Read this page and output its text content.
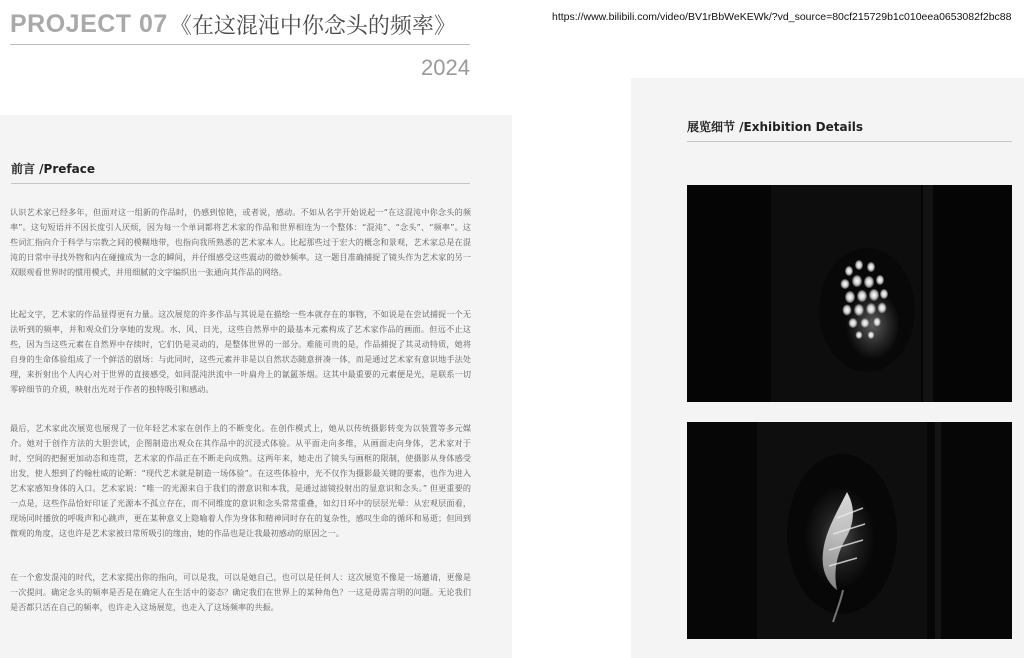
PROJECT 07《在这混沌中你念头的频率》
2024
https://www.bilibili.com/video/BV1rBbWeKEWk/?vd_source=80cf215729b1c010eea0653082f2bc88
前言 /Preface
认识艺术家已经多年，但面对这一组新的作品时，仍感到惊艳，或者说，感动。不如从名字开始说起一“在这混沌中你念头的频率”。这句短语并不因长度引人厌烦，因为每一个单词都将艺术家的作品和世界相连为一个整体：“混沌”、“念头”、“频率”。这些词汇指向介于科学与宗教之间的模糊地带，也指向我所熟悉的艺术家本人。比起那些过于宏大的概念和景观，艺术家总是在混沌的日常中寻找外物和内在碰撞成为一念的瞬间，并仔细感受这些震动的微妙频率。这一题目准确捕捉了镜头作为艺术家的另一双眼观看世界时的惯用模式，并用细腻的文字编织出一张通向其作品的网络。
比起文字，艺术家的作品显得更有力量。这次展览的许多作品与其说是在描绘一些本就存在的事物，不如说是在尝试捕捉一个无法听到的频率，并和观众们分享她的发现。水、风、日光，这些自然界中的最基本元素构成了艺术家作品的画面。但远不止这些，因为当这些元素在自然界中存续时，它们仍是灵动的，是整体世界的一部分。难能可贵的是，作品捕捉了其灵动特质，她将自身的生命体验组成了一个鲜活的剧场：与此同时，这些元素并非是以自然状态随意拼凑一体，而是通过艺术家有意识地手法处理，来折射出个人内心对于世界的直接感受，如同混沌洪流中一叶扁舟上的氤氲茶烟。这其中最重要的元素便是光，是联系一切零碎细节的介质，映射出光对于作者的独特吸引和感动。
最后，艺术家此次展览也展现了一位年轻艺术家在创作上的不断变化。在创作模式上，她从以传统摄影转变为以装置等多元媒介。她对于创作方法的大胆尝试，企图制造出观众在其作品中的沉浸式体验。从平面走向多维，从画面走向身体，艺术家对于时、空间的把握更加动态和连贯，艺术家的作品正在不断走向成熟。这两年来，她走出了镜头与画框的限制，使摄影从身体感受出发，使人想到了约翰杜威的论断：“现代艺术就是制造一场体验”。在这些体验中，光不仅作为摄影最关键的要素，也作为进入艺术家感知身体的入口。艺术家说：“唯一的光源来自于我们的潜意识和本我，是通过滤镜投射出的显意识和念头。” 但更重要的一点是，这些作品恰好印证了光源本不孤立存在，而不同维度的意识和念头常常重叠，如幻日环中的层层光晕：从宏观层面看，现场同时播放的呼吸声和心跳声，更在某种意义上隐喻着人作为身体和精神同时存在的复杂性，感叹生命的循环和易逝；但回到微观的角度，这也许是艺术家被日常所吸引的缘由，她的作品也是让我最初感动的原因之一。
在一个愈发混沌的时代，艺术家提出你的指向，可以是我，可以是她自己，也可以是任何人：这次展览不像是一场邀请，更像是一次提问。确定念头的频率是否是在确定人在生活中的姿态？确定我们在世界上的某种角色？一这是毋需言明的问题。无论我们是否都只活在自己的频率，也许走入这场展览，也走入了这场频率的共振。
展览细节 /Exhibition Details
